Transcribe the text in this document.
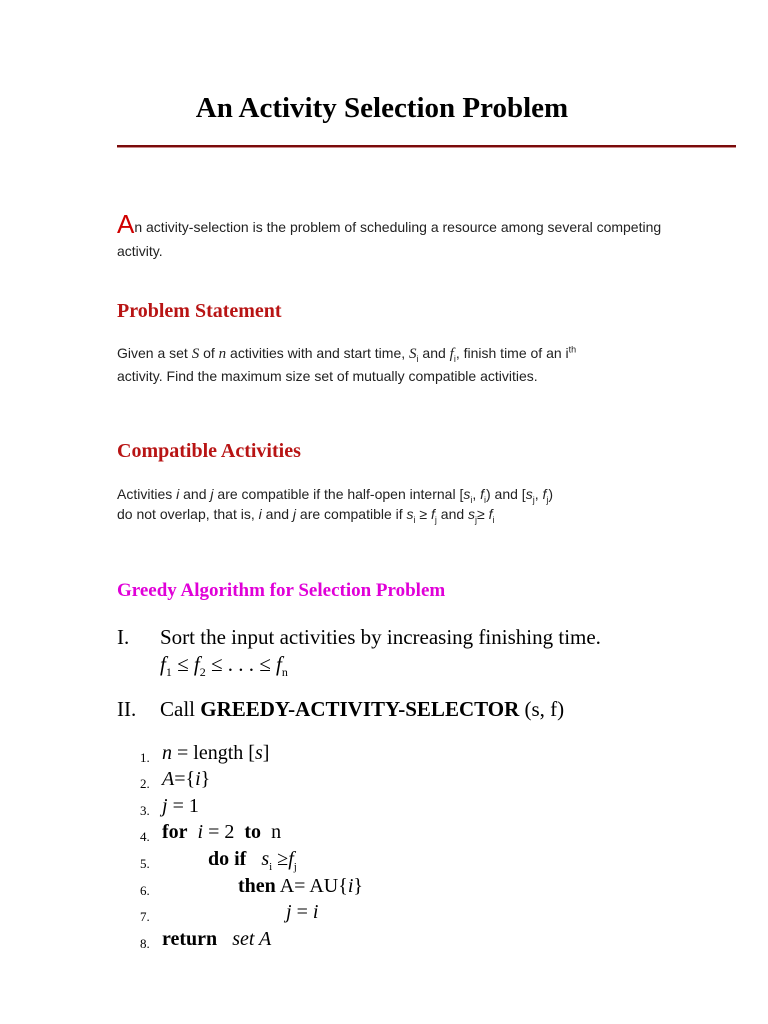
An Activity Selection Problem
An activity-selection is the problem of scheduling a resource among several competing activity.
Problem Statement
Given a set S of n activities with and start time, $S_i$ and $f_i$, finish time of an $i^{th}$
activity. Find the maximum size set of mutually compatible activities.
Compatible Activities
Activities i and j are compatible if the half-open internal [$s_i$, $f_i$) and [$s_j$, $f_j$)
do not overlap, that is, i and j are compatible if $s_i \ge f_j$ and $s_j\ge f_i$
Greedy Algorithm for Selection Problem
I. Sort the input activities by increasing finishing time.
$f_1 \le f_2$ ≤ . . . ≤ $f_n$
II. Call GREEDY-ACTIVITY-SELECTOR (s, f)
1. n = length [s]
2. A={i}
3. j = 1
4. for i = 2  to  n
5.	do if $s_i \ge f_j$
6.	then A= AU{i}
7.	j = i
8. return set A
